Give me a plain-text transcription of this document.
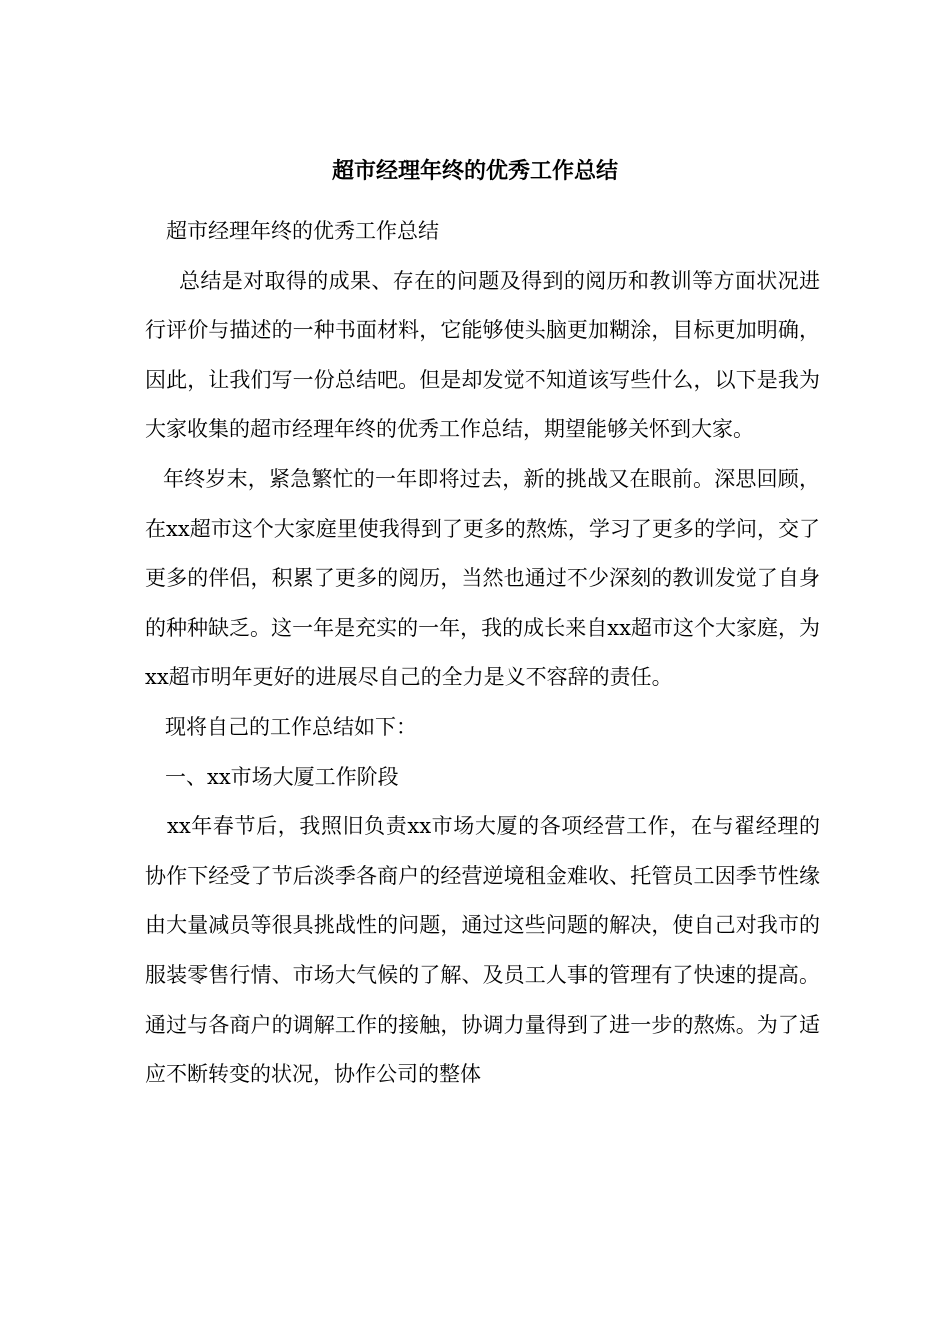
超市经理年终的优秀工作总结

超市经理年终的优秀工作总结

总结是对取得的成果、存在的问题及得到的阅历和教训等方面状况进行评价与描述的一种书面材料，它能够使头脑更加糊涂，目标更加明确，因此，让我们写一份总结吧。但是却发觉不知道该写些什么，以下是我为大家收集的超市经理年终的优秀工作总结，期望能够关怀到大家。

年终岁末，紧急繁忙的一年即将过去，新的挑战又在眼前。深思回顾，在xx超市这个大家庭里使我得到了更多的熬炼，学习了更多的学问，交了更多的伴侣，积累了更多的阅历，当然也通过不少深刻的教训发觉了自身的种种缺乏。这一年是充实的一年，我的成长来自xx超市这个大家庭，为xx超市明年更好的进展尽自己的全力是义不容辞的责任。

现将自己的工作总结如下：

一、xx市场大厦工作阶段

xx年春节后，我照旧负责xx市场大厦的各项经营工作，在与翟经理的协作下经受了节后淡季各商户的经营逆境租金难收、托管员工因季节性缘由大量减员等很具挑战性的问题，通过这些问题的解决，使自己对我市的服装零售行情、市场大气候的了解、及员工人事的管理有了快速的提高。通过与各商户的调解工作的接触，协调力量得到了进一步的熬炼。为了适应不断转变的状况，协作公司的整体
